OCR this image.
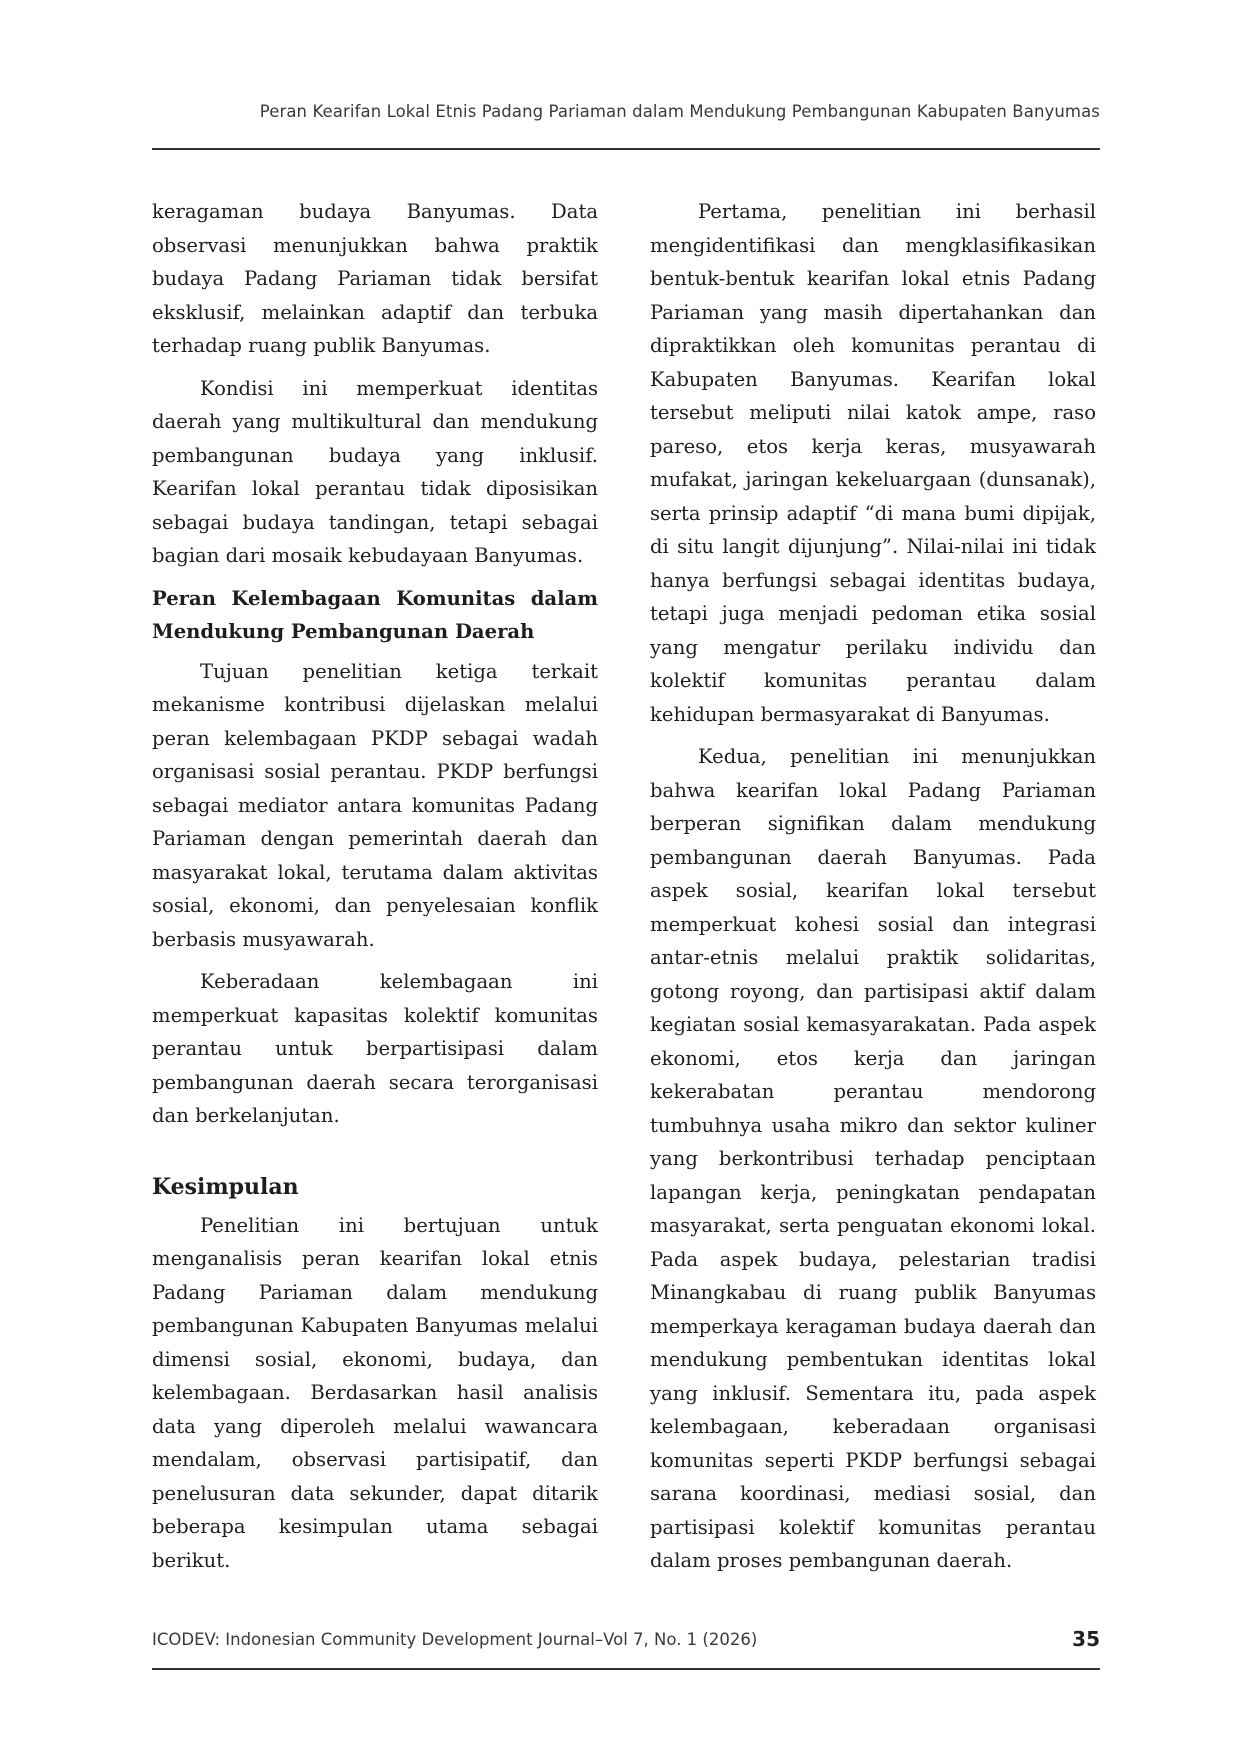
Peran Kearifan Lokal Etnis Padang Pariaman dalam Mendukung Pembangunan Kabupaten Banyumas

keragaman budaya Banyumas. Data observasi menunjukkan bahwa praktik budaya Padang Pariaman tidak bersifat eksklusif, melainkan adaptif dan terbuka terhadap ruang publik Banyumas.

Kondisi ini memperkuat identitas daerah yang multikultural dan mendukung pembangunan budaya yang inklusif. Kearifan lokal perantau tidak diposisikan sebagai budaya tandingan, tetapi sebagai bagian dari mosaik kebudayaan Banyumas.

Peran Kelembagaan Komunitas dalam Mendukung Pembangunan Daerah

Tujuan penelitian ketiga terkait mekanisme kontribusi dijelaskan melalui peran kelembagaan PKDP sebagai wadah organisasi sosial perantau. PKDP berfungsi sebagai mediator antara komunitas Padang Pariaman dengan pemerintah daerah dan masyarakat lokal, terutama dalam aktivitas sosial, ekonomi, dan penyelesaian konflik berbasis musyawarah.

Keberadaan kelembagaan ini memperkuat kapasitas kolektif komunitas perantau untuk berpartisipasi dalam pembangunan daerah secara terorganisasi dan berkelanjutan.

Kesimpulan

Penelitian ini bertujuan untuk menganalisis peran kearifan lokal etnis Padang Pariaman dalam mendukung pembangunan Kabupaten Banyumas melalui dimensi sosial, ekonomi, budaya, dan kelembagaan. Berdasarkan hasil analisis data yang diperoleh melalui wawancara mendalam, observasi partisipatif, dan penelusuran data sekunder, dapat ditarik beberapa kesimpulan utama sebagai berikut.

Pertama, penelitian ini berhasil mengidentifikasi dan mengklasifikasikan bentuk-bentuk kearifan lokal etnis Padang Pariaman yang masih dipertahankan dan dipraktikkan oleh komunitas perantau di Kabupaten Banyumas. Kearifan lokal tersebut meliputi nilai katok ampe, raso pareso, etos kerja keras, musyawarah mufakat, jaringan kekeluargaan (dunsanak), serta prinsip adaptif “di mana bumi dipijak, di situ langit dijunjung”. Nilai-nilai ini tidak hanya berfungsi sebagai identitas budaya, tetapi juga menjadi pedoman etika sosial yang mengatur perilaku individu dan kolektif komunitas perantau dalam kehidupan bermasyarakat di Banyumas.

Kedua, penelitian ini menunjukkan bahwa kearifan lokal Padang Pariaman berperan signifikan dalam mendukung pembangunan daerah Banyumas. Pada aspek sosial, kearifan lokal tersebut memperkuat kohesi sosial dan integrasi antar-etnis melalui praktik solidaritas, gotong royong, dan partisipasi aktif dalam kegiatan sosial kemasyarakatan. Pada aspek ekonomi, etos kerja dan jaringan kekerabatan perantau mendorong tumbuhnya usaha mikro dan sektor kuliner yang berkontribusi terhadap penciptaan lapangan kerja, peningkatan pendapatan masyarakat, serta penguatan ekonomi lokal. Pada aspek budaya, pelestarian tradisi Minangkabau di ruang publik Banyumas memperkaya keragaman budaya daerah dan mendukung pembentukan identitas lokal yang inklusif. Sementara itu, pada aspek kelembagaan, keberadaan organisasi komunitas seperti PKDP berfungsi sebagai sarana koordinasi, mediasi sosial, dan partisipasi kolektif komunitas perantau dalam proses pembangunan daerah.

ICODEV: Indonesian Community Development Journal–Vol 7, No. 1 (2026)	35
